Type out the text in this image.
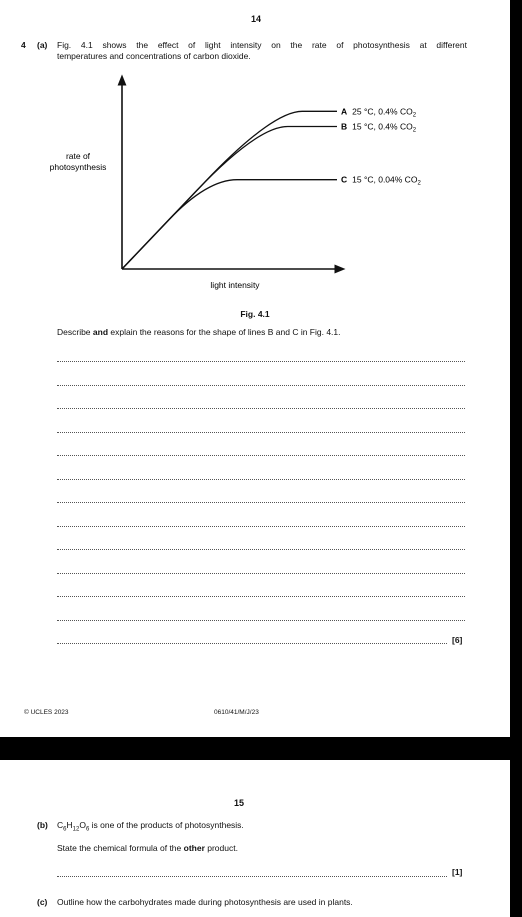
14
4 (a) Fig. 4.1 shows the effect of light intensity on the rate of photosynthesis at different
temperatures and concentrations of carbon dioxide.
A 25 °C, 0.4% $CO_2$
B 15 °C, 0.4% $CO_2$
C 15 °C, 0.04% $CO_2$
rate of
photosynthesis
light intensity
Fig. 4.1
Describe and explain the reasons for the shape of lines B and C in Fig. 4.1.
[6]
© UCLES 2023	0610/41/M/J/23
15
(b) $C_6H_{12}O_6$ is one of the products of photosynthesis.
State the chemical formula of the other product.
[1]
(c) Outline how the carbohydrates made during photosynthesis are used in plants.
